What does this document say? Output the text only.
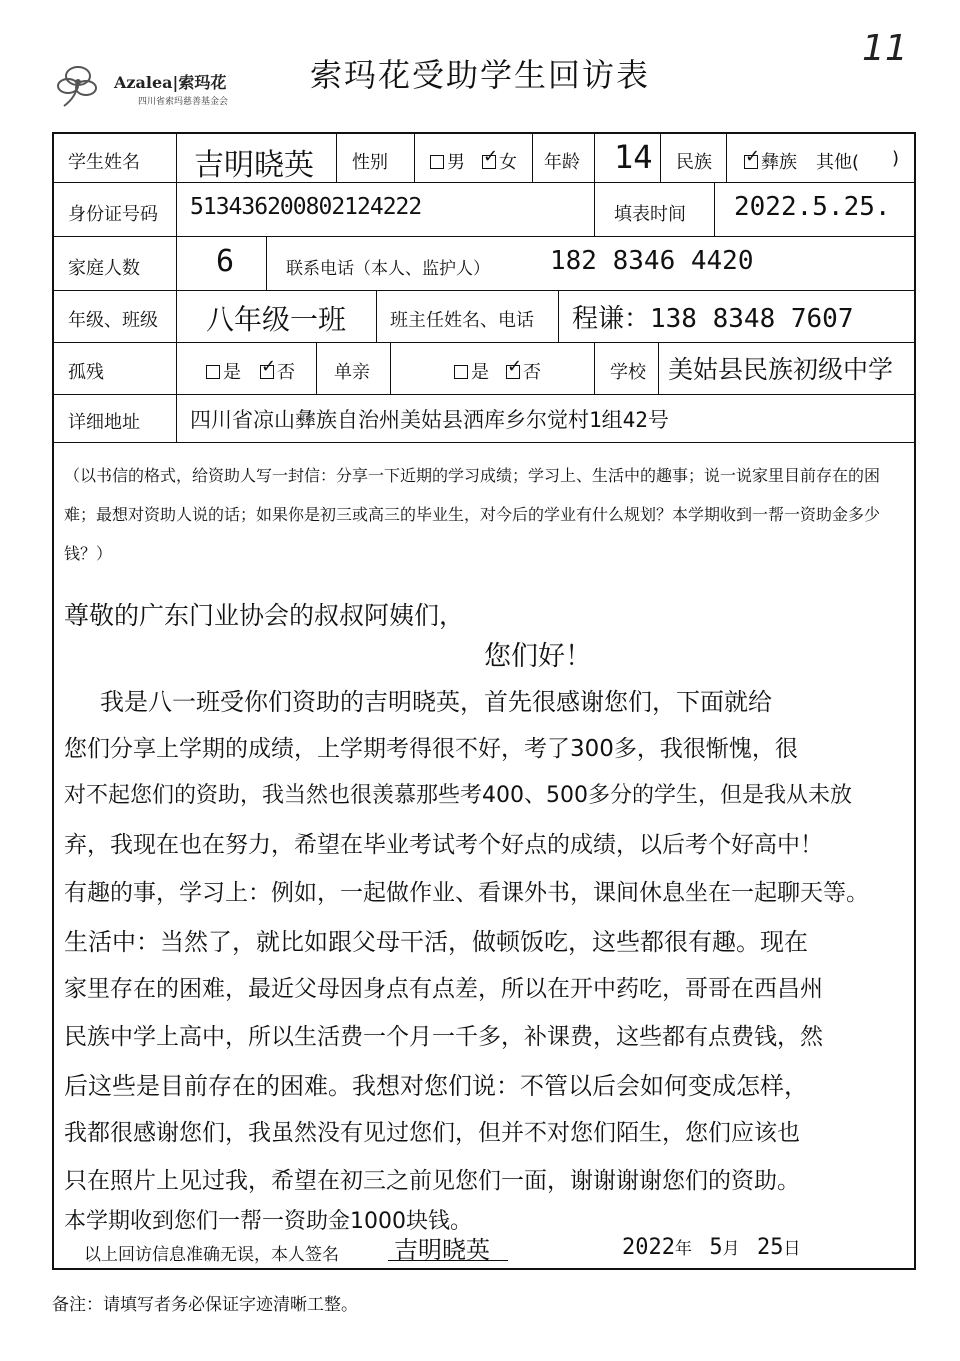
Azalea|索玛花
四川省索玛慈善基金会
11
索玛花受助学生回访表
学生姓名 吉明晓英 性别	男 ✓	女 年龄 14 民族 ✓	彝族 其他( )
身份证号码 513436200802124222	填表时间 2022.5.25.
家庭人数	6	联系电话（本人、监护人） 182 8346 4420
年级、班级 八年级一班 班主任姓名、电话 程谦：138 8348 7607
孤残	是 ✓	否 单亲	是 ✓	否	学校 美姑县民族初级中学
详细地址 四川省凉山彝族自治州美姑县洒库乡尔觉村1组42号
（以书信的格式，给资助人写一封信：分享一下近期的学习成绩；学习上、生活中的趣事；说一说家里目前存在的困难；最想对资助人说的话；如果你是初三或高三的毕业生，对今后的学业有什么规划？本学期收到一帮一资助金多少钱？）
尊敬的广东门业协会的叔叔阿姨们，
您们好！
我是八一班受你们资助的吉明晓英，首先很感谢您们，下面就给
您们分享上学期的成绩，上学期考得很不好，考了300多，我很惭愧，很
对不起您们的资助，我当然也很羡慕那些考400、500多分的学生，但是我从未放
弃，我现在也在努力，希望在毕业考试考个好点的成绩，以后考个好高中！
有趣的事，学习上：例如，一起做作业、看课外书，课间休息坐在一起聊天等。
生活中：当然了，就比如跟父母干活，做顿饭吃，这些都很有趣。现在
家里存在的困难，最近父母因身点有点差，所以在开中药吃，哥哥在西昌州
民族中学上高中，所以生活费一个月一千多，补课费，这些都有点费钱，然
后这些是目前存在的困难。我想对您们说：不管以后会如何变成怎样，
我都很感谢您们，我虽然没有见过您们，但并不对您们陌生，您们应该也
只在照片上见过我，希望在初三之前见您们一面，谢谢谢谢您们的资助。
本学期收到您们一帮一资助金1000块钱。
以上回访信息准确无误，本人签名 吉明晓英	2022年 5月 25日
备注：请填写者务必保证字迹清晰工整。
